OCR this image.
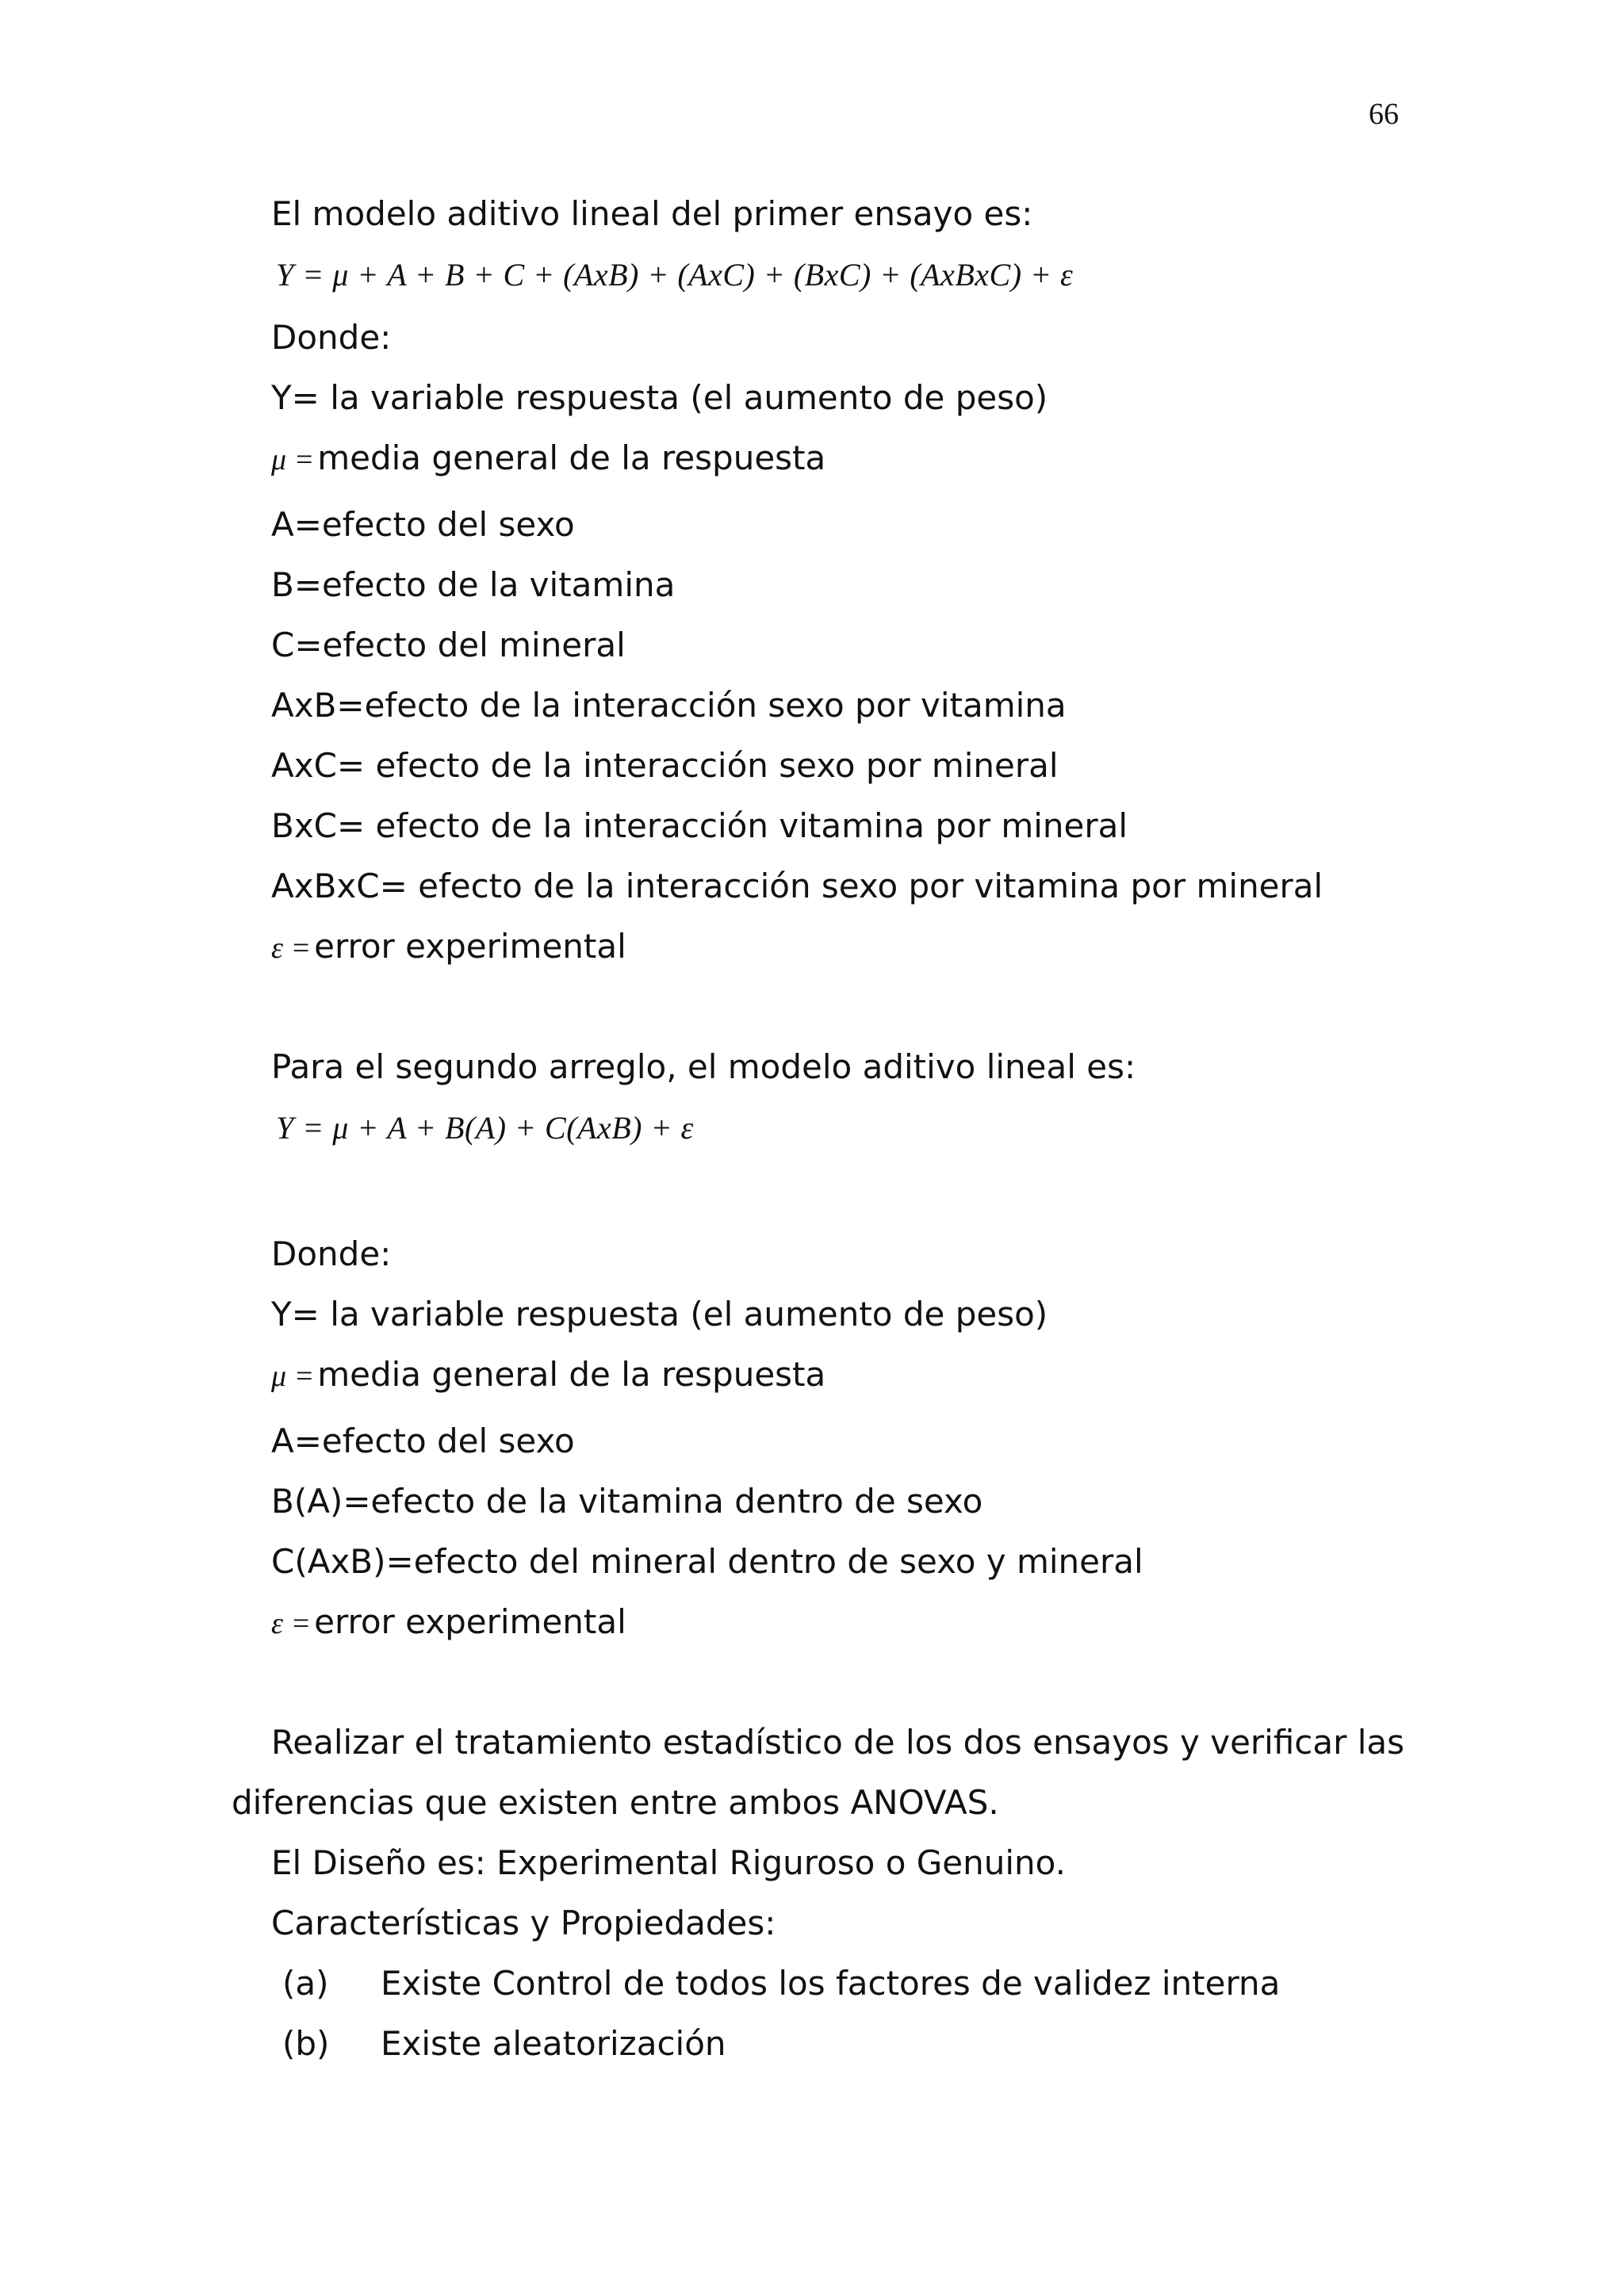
66
El modelo aditivo lineal del primer ensayo es:
Y = μ + A + B + C + (AxB) + (AxC) + (BxC) + (AxBxC) + ε
Donde:
Y= la variable respuesta (el aumento de peso)
μ =media general de la respuesta
A=efecto del sexo
B=efecto de la vitamina
C=efecto del mineral
AxB=efecto de la interacción sexo por vitamina
AxC= efecto de la interacción sexo por mineral
BxC= efecto de la interacción vitamina por mineral
AxBxC= efecto de la interacción sexo por vitamina por mineral
ε =error experimental
Para el segundo arreglo, el modelo aditivo lineal es:
Y = μ + A + B(A) + C(AxB) + ε
Donde:
Y= la variable respuesta (el aumento de peso)
μ =media general de la respuesta
A=efecto del sexo
B(A)=efecto de la vitamina dentro de sexo
C(AxB)=efecto del mineral dentro de sexo y mineral
ε =error experimental
Realizar el tratamiento estadístico de los dos ensayos y verificar las
diferencias que existen entre ambos ANOVAS.
El Diseño es: Experimental Riguroso o Genuino.
Características y Propiedades:
(a) Existe Control de todos los factores de validez interna
(b) Existe aleatorización
